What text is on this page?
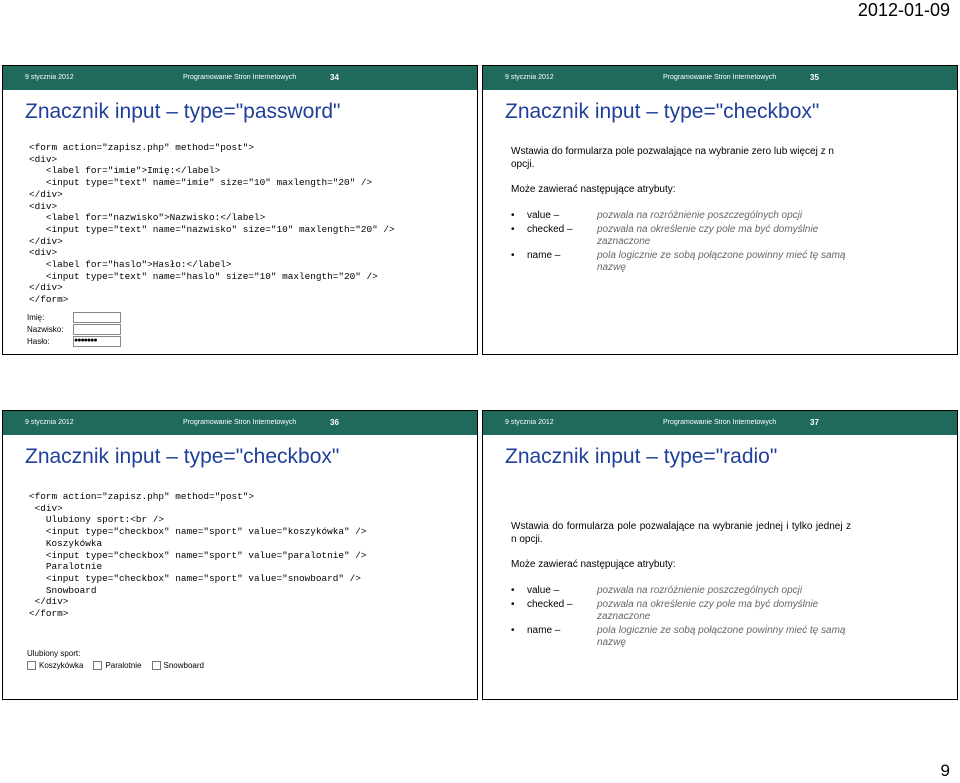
2012-01-09
9 stycznia 2012	Programowanie Stron Internetowych	34
Znacznik input – type="password"
<form action="zapisz.php" method="post">
<div>
<label for="imie">Imię:</label>
<input type="text" name="imie" size="10" maxlength="20" />
</div>
<div>
<label for="nazwisko">Nazwisko:</label>
<input type="text" name="nazwisko" size="10" maxlength="20" />
</div>
<div>
<label for="haslo">Hasło:</label>
<input type="text" name="haslo" size="10" maxlength="20" />
</div>
</form>
Imię:
Nazwisko:
Hasło:	●●●●●●●
9 stycznia 2012	Programowanie Stron Internetowych	35
Znacznik input – type="checkbox"
Wstawia do formularza pole pozwalające na wybranie zero lub więcej z n opcji.
Może zawierać następujące atrybuty:
•	value –	pozwala na rozróżnienie poszczególnych opcji
•	checked –	pozwala na określenie czy pole ma być domyślnie zaznaczone
•	name –	pola logicznie ze sobą połączone powinny mieć tę samą nazwę
9 stycznia 2012	Programowanie Stron Internetowych	36
Znacznik input – type="checkbox"
<form action="zapisz.php" method="post">
<div>
Ulubiony sport:<br />
<input type="checkbox" name="sport" value="koszykówka" />
Koszykówka
<input type="checkbox" name="sport" value="paralotnie" />
Paralotnie
<input type="checkbox" name="sport" value="snowboard" />
Snowboard
</div>
</form>
Ulubiony sport:
Koszykówka	Paralotnie	Snowboard
9 stycznia 2012	Programowanie Stron Internetowych	37
Znacznik input – type="radio"
Wstawia do formularza pole pozwalające na wybranie jednej i tylko jednej z n opcji.
Może zawierać następujące atrybuty:
•	value –	pozwala na rozróżnienie poszczególnych opcji
•	checked –	pozwala na określenie czy pole ma być domyślnie zaznaczone
•	name –	pola logicznie ze sobą połączone powinny mieć tę samą nazwę
9
